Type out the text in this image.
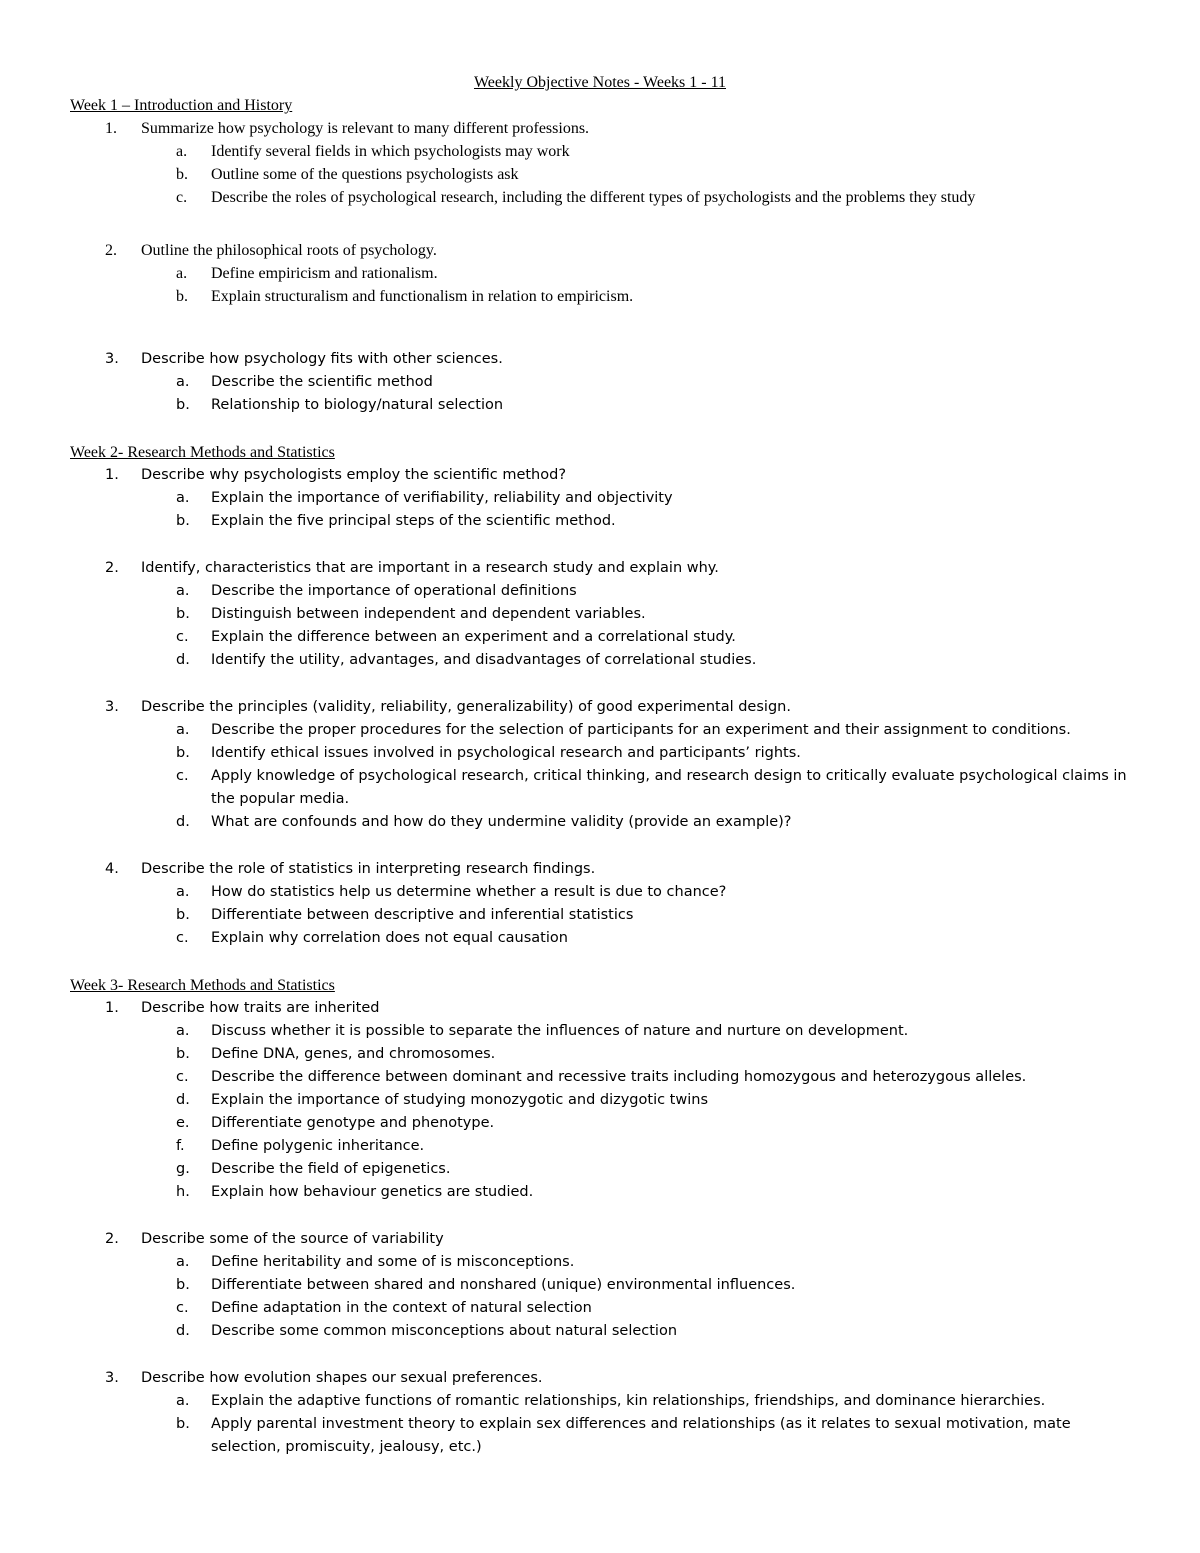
Weekly Objective Notes - Weeks 1 - 11
Week 1 – Introduction and History
1. Summarize how psychology is relevant to many different professions.
a. Identify several fields in which psychologists may work
b. Outline some of the questions psychologists ask
c. Describe the roles of psychological research, including the different types of psychologists and the problems they study
2. Outline the philosophical roots of psychology.
a. Define empiricism and rationalism.
b. Explain structuralism and functionalism in relation to empiricism.
3. Describe how psychology fits with other sciences.
a. Describe the scientific method
b. Relationship to biology/natural selection
Week 2- Research Methods and Statistics
1. Describe why psychologists employ the scientific method?
a. Explain the importance of verifiability, reliability and objectivity
b. Explain the five principal steps of the scientific method.
2. Identify, characteristics that are important in a research study and explain why.
a. Describe the importance of operational definitions
b. Distinguish between independent and dependent variables.
c. Explain the difference between an experiment and a correlational study.
d. Identify the utility, advantages, and disadvantages of correlational studies.
3. Describe the principles (validity, reliability, generalizability) of good experimental design.
a. Describe the proper procedures for the selection of participants for an experiment and their assignment to conditions.
b. Identify ethical issues involved in psychological research and participants’ rights.
c. Apply knowledge of psychological research, critical thinking, and research design to critically evaluate psychological claims in the popular media.
d. What are confounds and how do they undermine validity (provide an example)?
4. Describe the role of statistics in interpreting research findings.
a. How do statistics help us determine whether a result is due to chance?
b. Differentiate between descriptive and inferential statistics
c. Explain why correlation does not equal causation
Week 3- Research Methods and Statistics
1. Describe how traits are inherited
a. Discuss whether it is possible to separate the influences of nature and nurture on development.
b. Define DNA, genes, and chromosomes.
c. Describe the difference between dominant and recessive traits including homozygous and heterozygous alleles.
d. Explain the importance of studying monozygotic and dizygotic twins
e. Differentiate genotype and phenotype.
f. Define polygenic inheritance.
g. Describe the field of epigenetics.
h. Explain how behaviour genetics are studied.
2. Describe some of the source of variability
a. Define heritability and some of is misconceptions.
b. Differentiate between shared and nonshared (unique) environmental influences.
c. Define adaptation in the context of natural selection
d. Describe some common misconceptions about natural selection
3. Describe how evolution shapes our sexual preferences.
a. Explain the adaptive functions of romantic relationships, kin relationships, friendships, and dominance hierarchies.
b. Apply parental investment theory to explain sex differences and relationships (as it relates to sexual motivation, mate selection, promiscuity, jealousy, etc.)
